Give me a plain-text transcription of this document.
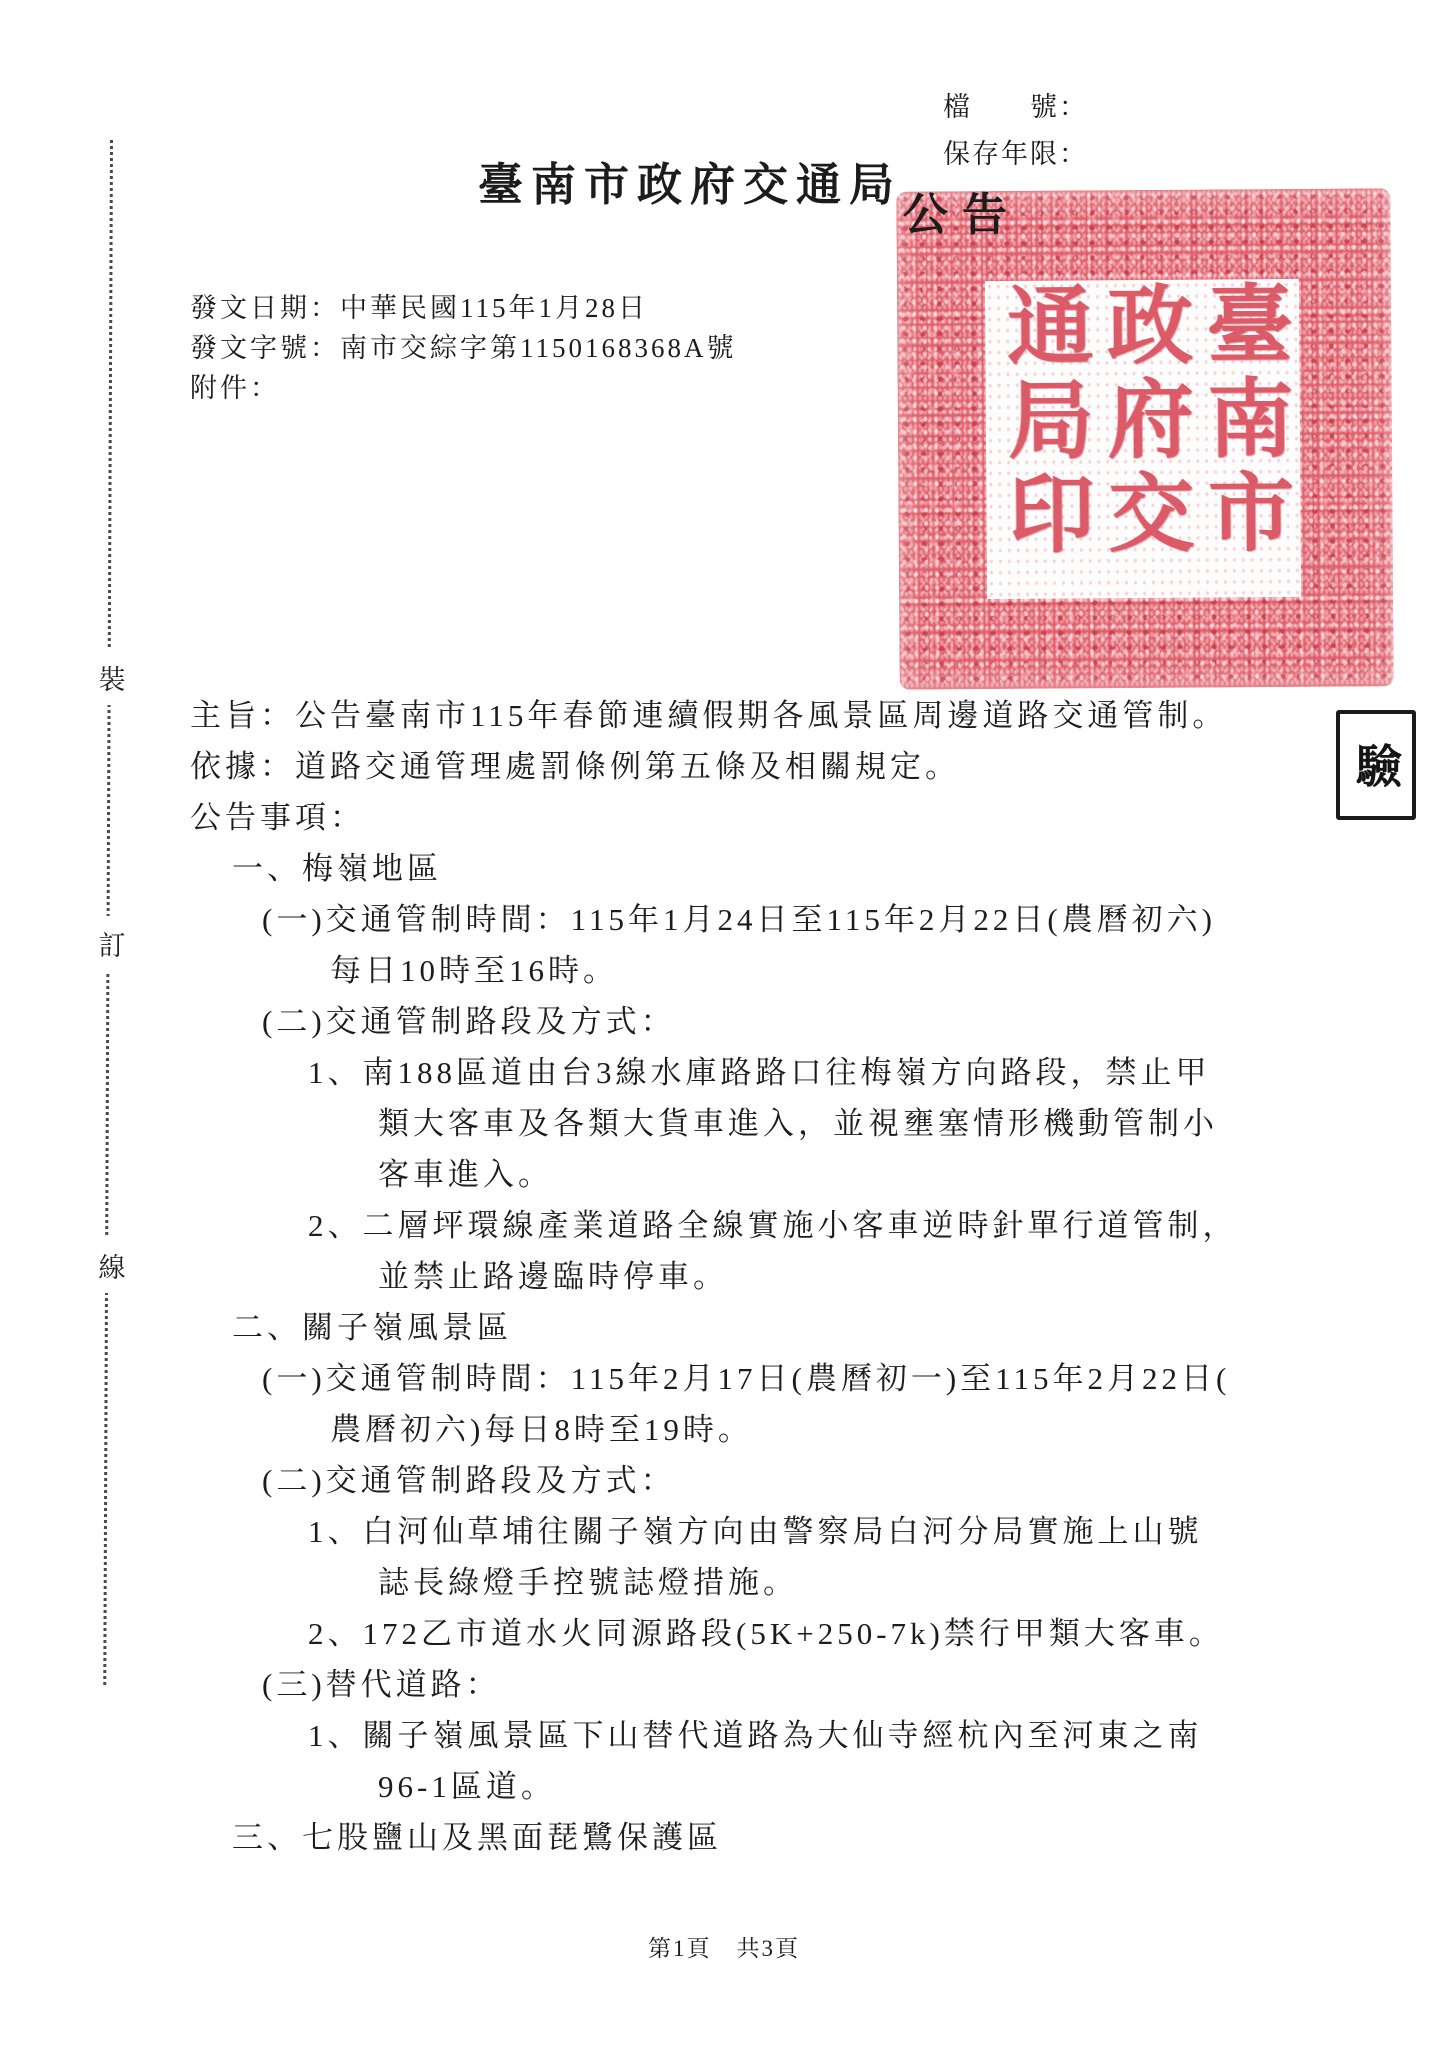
裝
訂
線
檔　　號：
保存年限：
臺南市政府交通局
公告
發文日期：中華民國115年1月28日
發文字號：南市交綜字第1150168368A號
附件：	臺南市政府交通局印
驗
主旨：公告臺南市115年春節連續假期各風景區周邊道路交通管制。
依據：道路交通管理處罰條例第五條及相關規定。
公告事項：
一、梅嶺地區
(一)交通管制時間：115年1月24日至115年2月22日(農曆初六)
每日10時至16時。
(二)交通管制路段及方式：
1、南188區道由台3線水庫路路口往梅嶺方向路段，禁止甲
類大客車及各類大貨車進入，並視壅塞情形機動管制小
客車進入。
2、二層坪環線產業道路全線實施小客車逆時針單行道管制，
並禁止路邊臨時停車。
二、關子嶺風景區
(一)交通管制時間：115年2月17日(農曆初一)至115年2月22日(
農曆初六)每日8時至19時。
(二)交通管制路段及方式：
1、白河仙草埔往關子嶺方向由警察局白河分局實施上山號
誌長綠燈手控號誌燈措施。
2、172乙市道水火同源路段(5K+250-7k)禁行甲類大客車。
(三)替代道路：
1、關子嶺風景區下山替代道路為大仙寺經杭內至河東之南
96-1區道。
三、七股鹽山及黑面琵鷺保護區
第1頁　共3頁
